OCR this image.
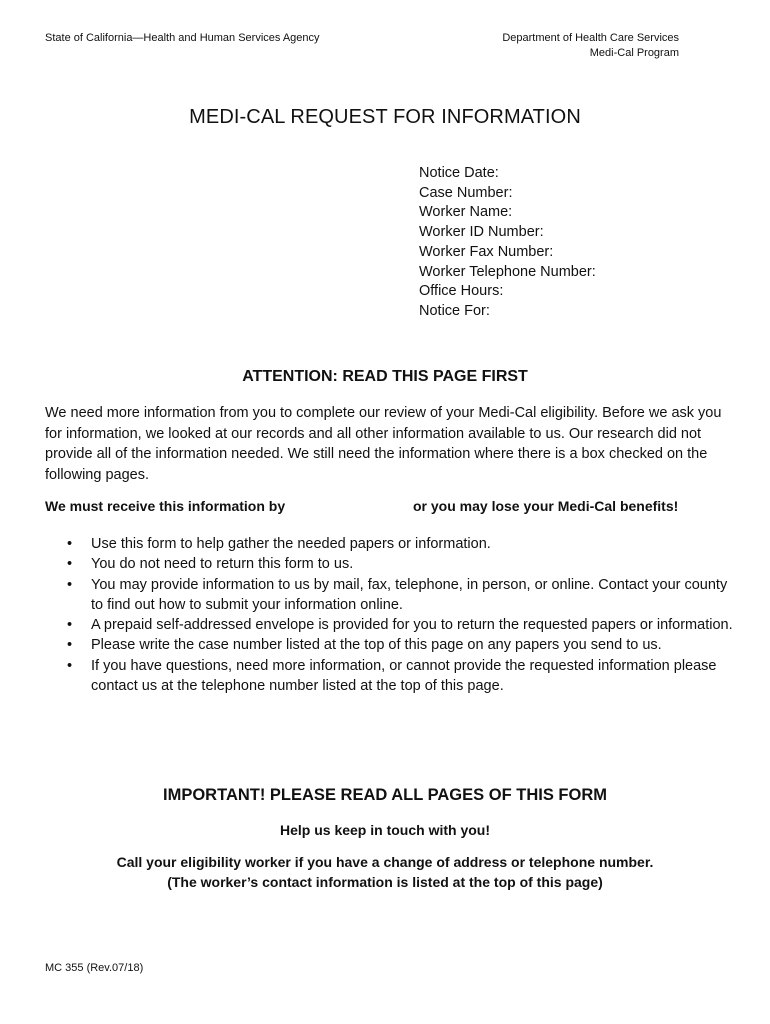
State of California—Health and Human Services Agency	Department of Health Care Services
Medi-Cal Program
MEDI-CAL REQUEST FOR INFORMATION
Notice Date:
Case Number:
Worker Name:
Worker ID Number:
Worker Fax Number:
Worker Telephone Number:
Office Hours:
Notice For:
ATTENTION: READ THIS PAGE FIRST
We need more information from you to complete our review of your Medi-Cal eligibility. Before we ask you for information, we looked at our records and all other information available to us. Our research did not provide all of the information needed. We still need the information where there is a box checked on the following pages.
We must receive this information by	or you may lose your Medi-Cal benefits!
• Use this form to help gather the needed papers or information.
• You do not need to return this form to us.
• You may provide information to us by mail, fax, telephone, in person, or online. Contact your county to find out how to submit your information online.
• A prepaid self-addressed envelope is provided for you to return the requested papers or information.
• Please write the case number listed at the top of this page on any papers you send to us.
• If you have questions, need more information, or cannot provide the requested information please contact us at the telephone number listed at the top of this page.
IMPORTANT! PLEASE READ ALL PAGES OF THIS FORM
Help us keep in touch with you!
Call your eligibility worker if you have a change of address or telephone number.
(The worker’s contact information is listed at the top of this page)
MC 355 (Rev.07/18)
